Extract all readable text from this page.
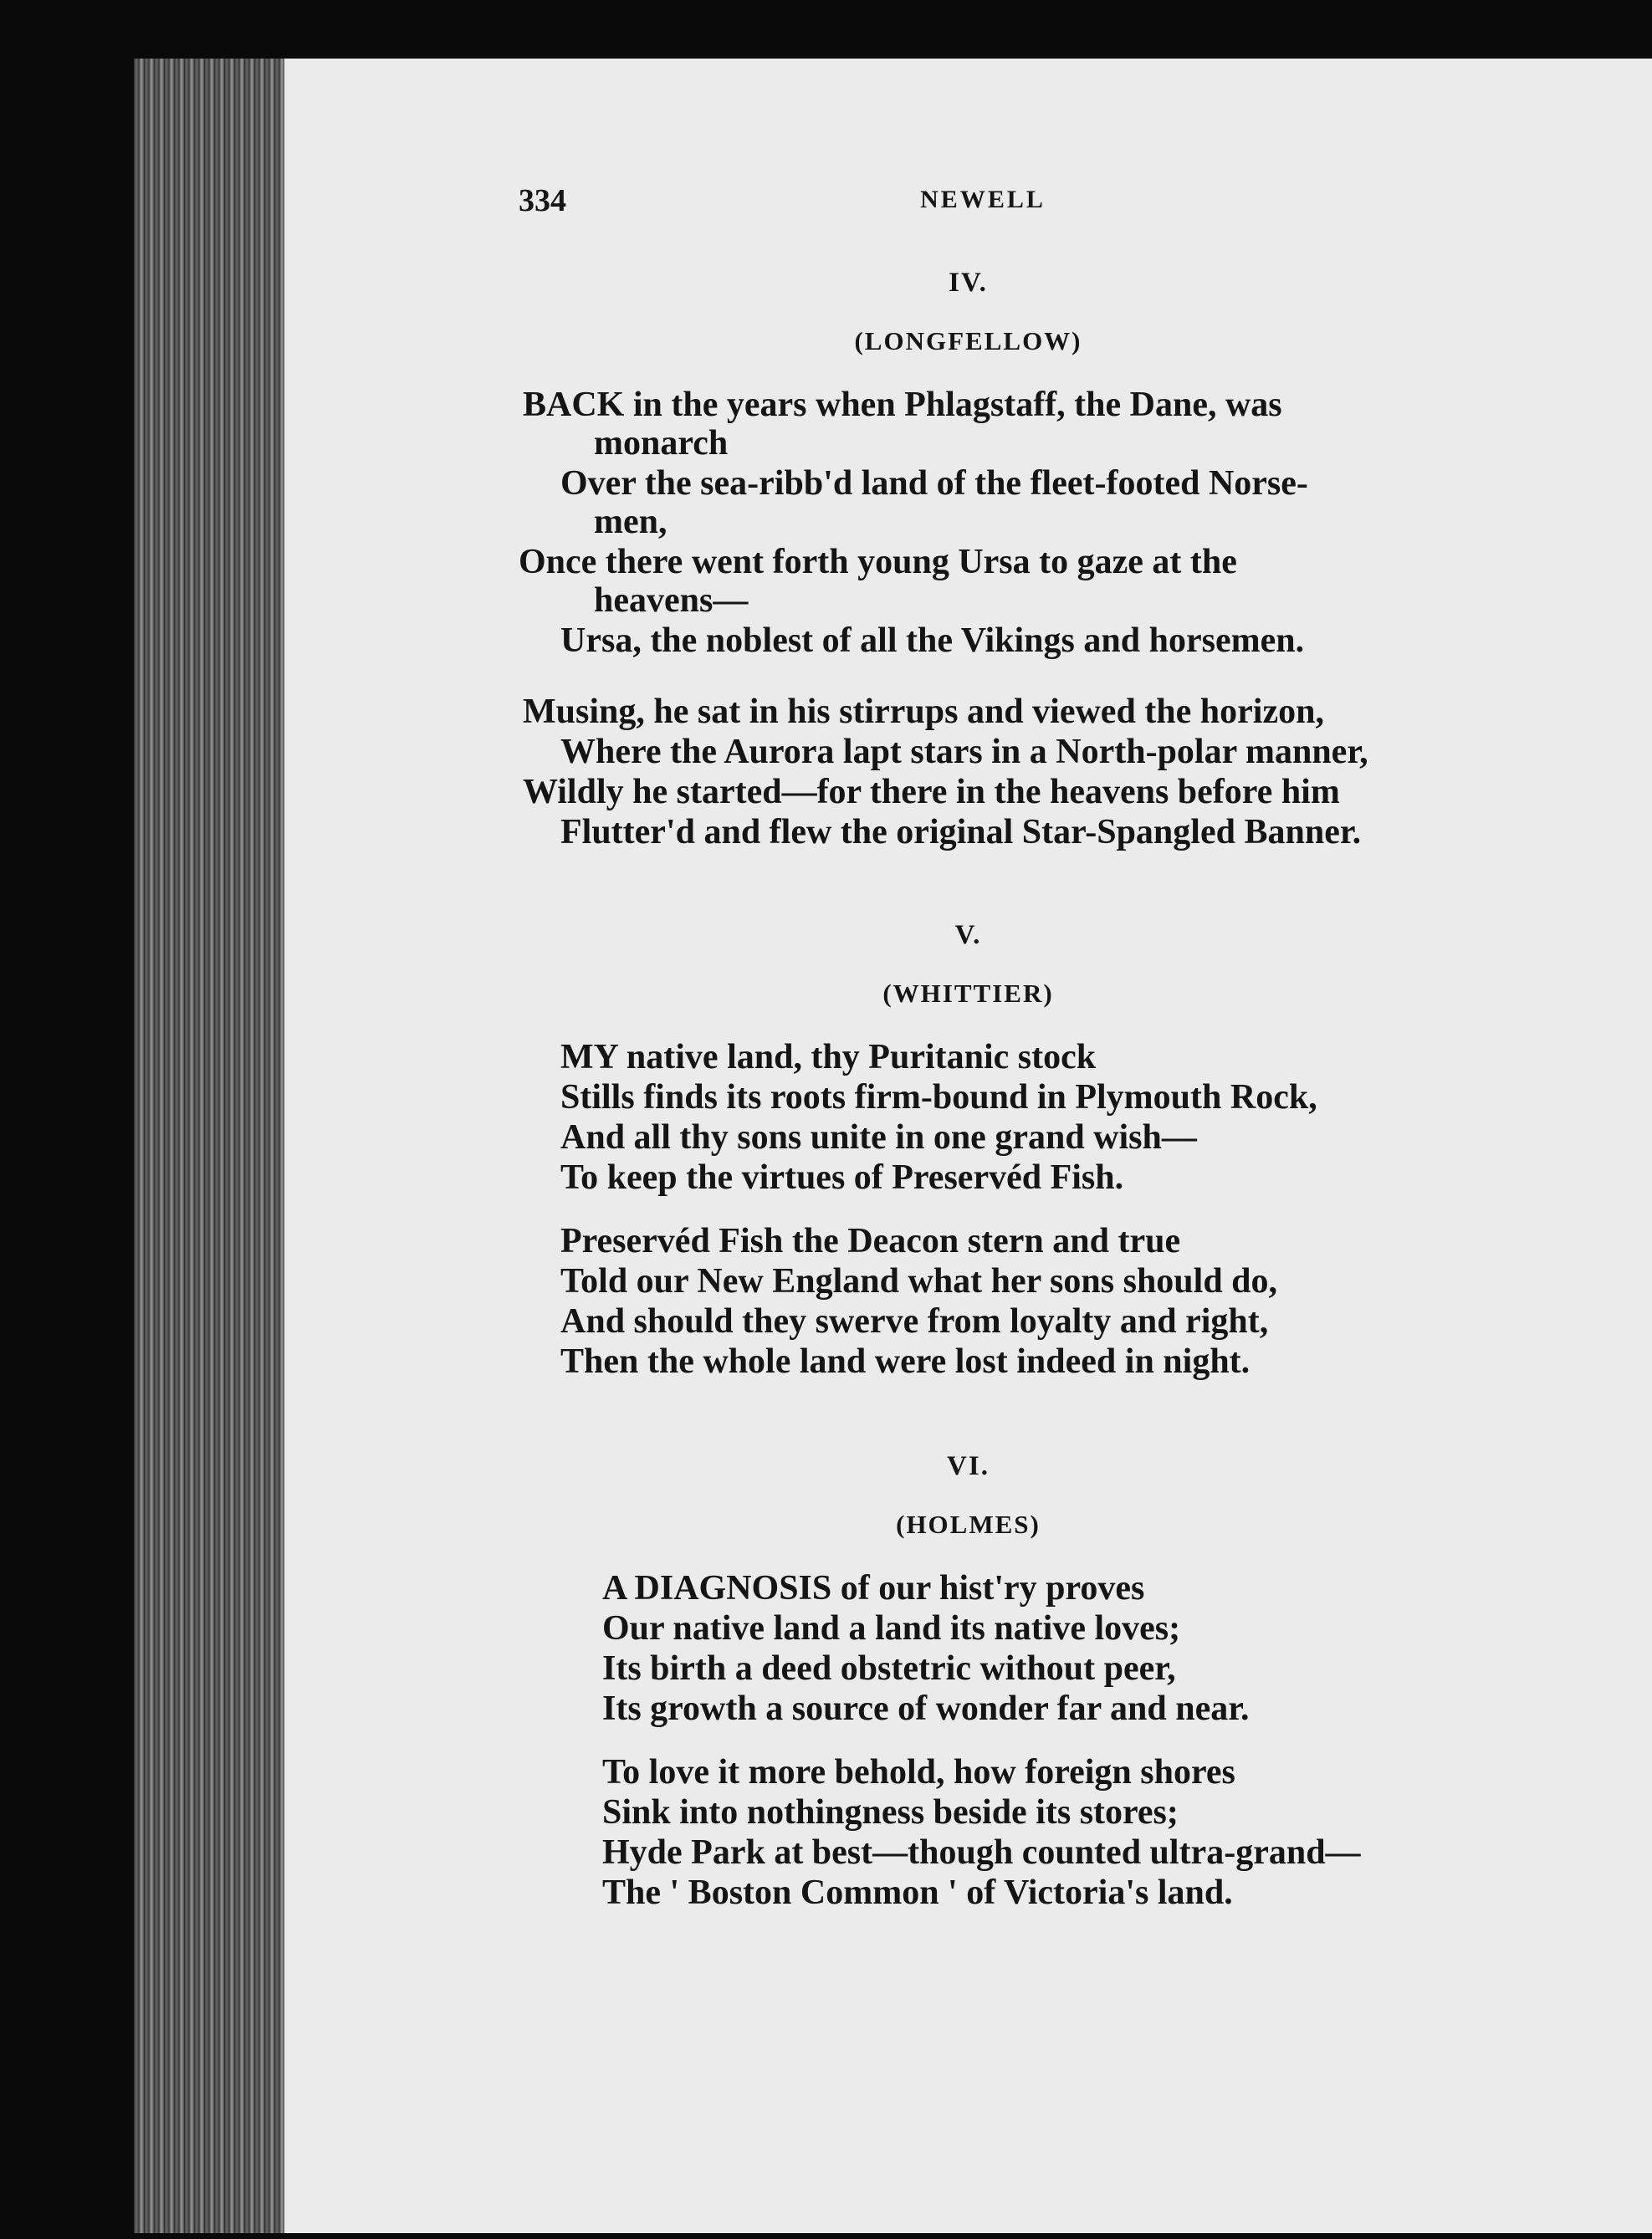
334	NEWELL
IV.
(LONGFELLOW)
BACK in the years when Phlagstaff, the Dane, was
monarch
Over the sea-ribb'd land of the fleet-footed Norse-
men,
Once there went forth young Ursa to gaze at the
heavens—
Ursa, the noblest of all the Vikings and horsemen.
Musing, he sat in his stirrups and viewed the horizon,
Where the Aurora lapt stars in a North-polar manner,
Wildly he started—for there in the heavens before him
Flutter'd and flew the original Star-Spangled Banner.
V.
(WHITTIER)
MY native land, thy Puritanic stock
Stills finds its roots firm-bound in Plymouth Rock,
And all thy sons unite in one grand wish—
To keep the virtues of Preservéd Fish.
Preservéd Fish the Deacon stern and true
Told our New England what her sons should do,
And should they swerve from loyalty and right,
Then the whole land were lost indeed in night.
VI.
(HOLMES)
A DIAGNOSIS of our hist'ry proves
Our native land a land its native loves;
Its birth a deed obstetric without peer,
Its growth a source of wonder far and near.
To love it more behold, how foreign shores
Sink into nothingness beside its stores;
Hyde Park at best—though counted ultra-grand—
The ' Boston Common ' of Victoria's land.
